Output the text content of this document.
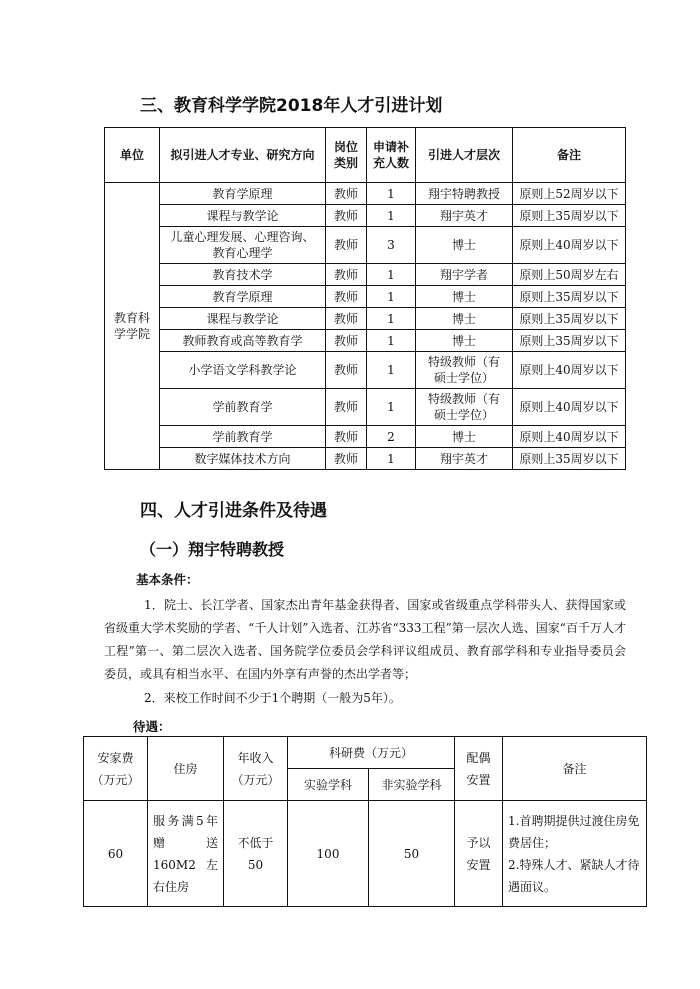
三、教育科学学院2018年人才引进计划
单位	拟引进人才专业、研究方向	岗位类别	申请补充人数	引进人才层次	备注
教育科学学院	教育学原理	教师	1	翔宇特聘教授	原则上52周岁以下
	课程与教学论	教师	1	翔宇英才	原则上35周岁以下
	儿童心理发展、心理咨询、教育心理学	教师	3	博士	原则上40周岁以下
	教育技术学	教师	1	翔宇学者	原则上50周岁左右
	教育学原理	教师	1	博士	原则上35周岁以下
	课程与教学论	教师	1	博士	原则上35周岁以下
	教师教育或高等教育学	教师	1	博士	原则上35周岁以下
	小学语文学科教学论	教师	1	特级教师（有硕士学位）	原则上40周岁以下
	学前教育学	教师	1	特级教师（有硕士学位）	原则上40周岁以下
	学前教育学	教师	2	博士	原则上40周岁以下
	数字媒体技术方向	教师	1	翔宇英才	原则上35周岁以下
四、人才引进条件及待遇
（一）翔宇特聘教授
基本条件：
1．院士、长江学者、国家杰出青年基金获得者、国家或省级重点学科带头人、获得国家或省级重大学术奖励的学者、“千人计划”入选者、江苏省“333工程”第一层次人选、国家“百千万人才工程”第一、第二层次入选者、国务院学位委员会学科评议组成员、教育部学科和专业指导委员会委员，或具有相当水平、在国内外享有声誉的杰出学者等；
2．来校工作时间不少于1个聘期（一般为5年）。
待遇：
安家费（万元）	住房	年收入（万元）	科研费（万元）		配偶安置	备注
			实验学科	非实验学科		
60	服务满5年赠送160M2左右住房	不低于50	100	50	予以安置	1.首聘期提供过渡住房免费居住；
2.特殊人才、紧缺人才待遇面议。
